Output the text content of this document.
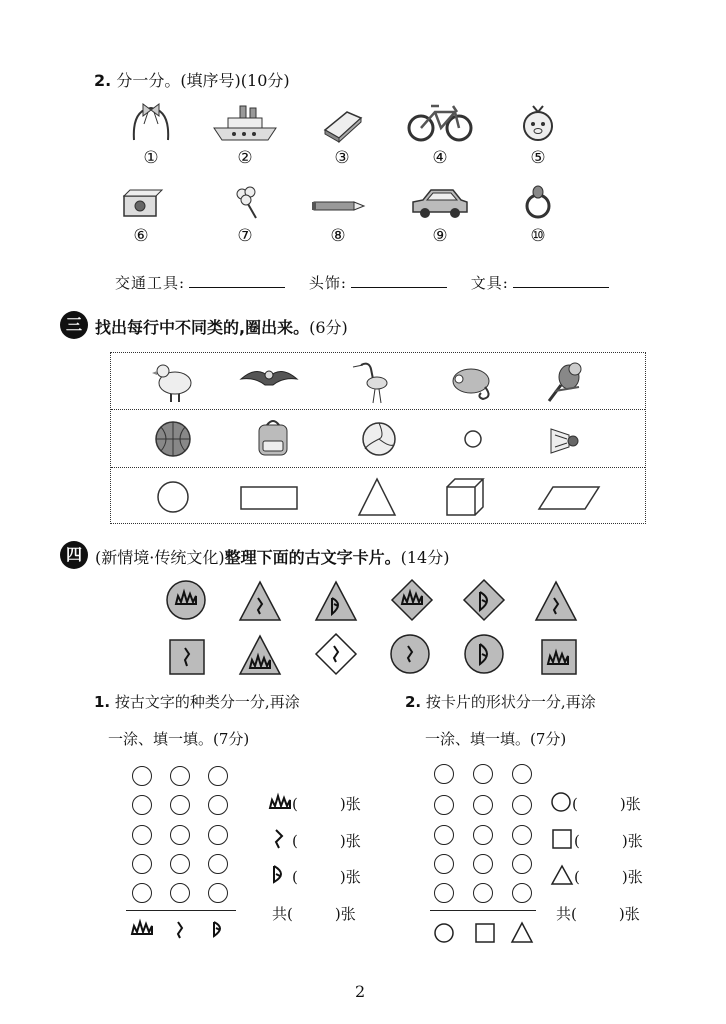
2. 分一分。(填序号)(10分)
①	②	③	④	⑤
⑥	⑦	⑧	⑨	⑩
交通工具:	头饰:	文具:
三 找出每行中不同类的,圈出来。(6分)
四 (新情境·传统文化)整理下面的古文字卡片。(14分)
1. 按古文字的种类分一分,再涂
一涂、填一填。(7分)
2. 按卡片的形状分一分,再涂
一涂、填一填。(7分)
(	)张
(	)张
(	)张
共(	)张
(	)张
(	)张
(	)张
共(	)张
2
